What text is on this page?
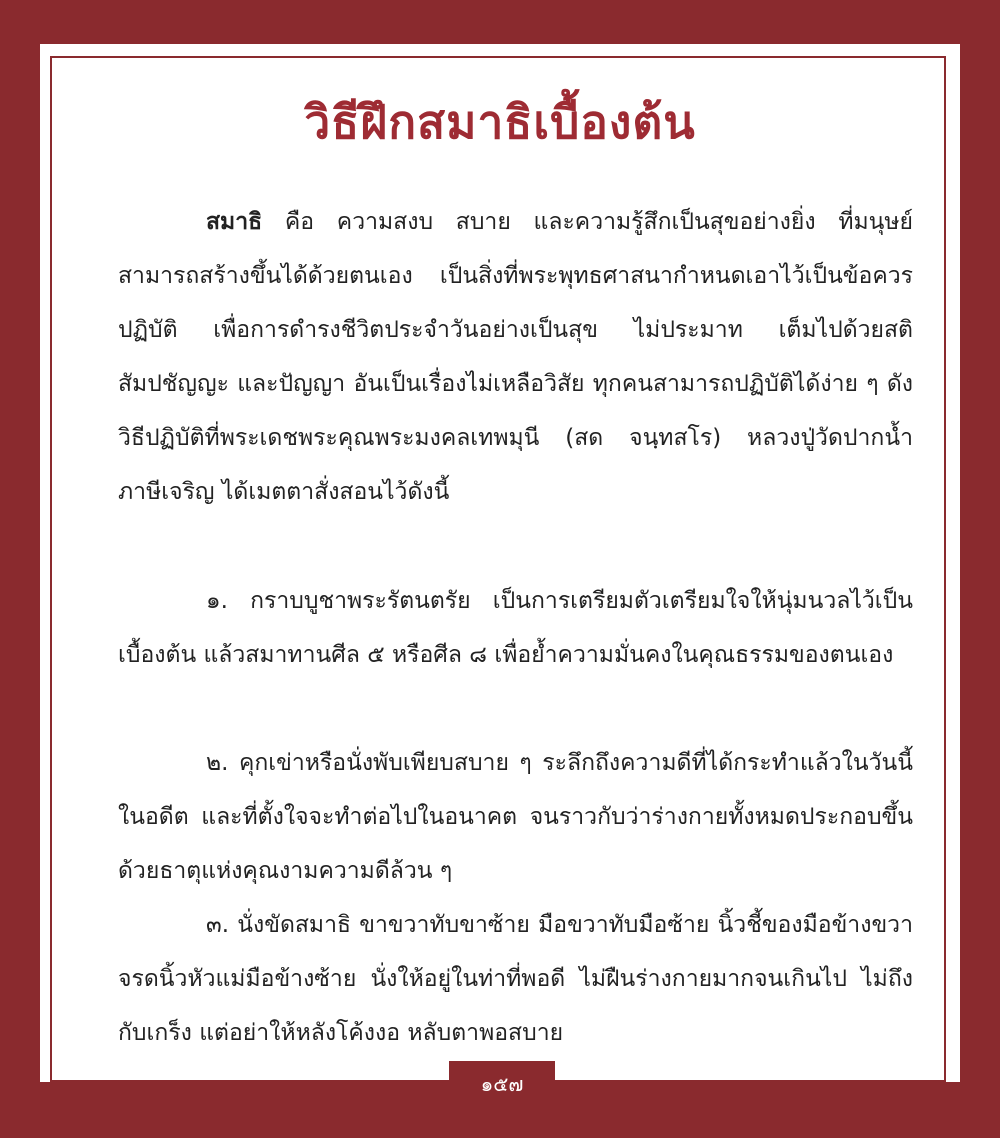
วิธีฝึกสมาธิเบื้องต้น

สมาธิ คือ ความสงบ สบาย และความรู้สึกเป็นสุขอย่างยิ่ง ที่มนุษย์สามารถสร้างขึ้นได้ด้วยตนเอง เป็นสิ่งที่พระพุทธศาสนากำหนดเอาไว้เป็นข้อควรปฏิบัติ เพื่อการดำรงชีวิตประจำวันอย่างเป็นสุข ไม่ประมาท เต็มไปด้วยสติ สัมปชัญญะ และปัญญา อันเป็นเรื่องไม่เหลือวิสัย ทุกคนสามารถปฏิบัติได้ง่าย ๆ ดังวิธีปฏิบัติที่พระเดชพระคุณพระมงคลเทพมุนี (สด จนฺทสโร) หลวงปู่วัดปากน้ำ ภาษีเจริญ ได้เมตตาสั่งสอนไว้ดังนี้

๑. กราบบูชาพระรัตนตรัย เป็นการเตรียมตัวเตรียมใจให้นุ่มนวลไว้เป็นเบื้องต้น แล้วสมาทานศีล ๕ หรือศีล ๘ เพื่อย้ำความมั่นคงในคุณธรรมของตนเอง

๒. คุกเข่าหรือนั่งพับเพียบสบาย ๆ ระลึกถึงความดีที่ได้กระทำแล้วในวันนี้ ในอดีต และที่ตั้งใจจะทำต่อไปในอนาคต จนราวกับว่าร่างกายทั้งหมดประกอบขึ้นด้วยธาตุแห่งคุณงามความดีล้วน ๆ

๓. นั่งขัดสมาธิ ขาขวาทับขาซ้าย มือขวาทับมือซ้าย นิ้วชี้ของมือข้างขวาจรดนิ้วหัวแม่มือข้างซ้าย นั่งให้อยู่ในท่าที่พอดี ไม่ฝืนร่างกายมากจนเกินไป ไม่ถึงกับเกร็ง แต่อย่าให้หลังโค้งงอ หลับตาพอสบาย

๑๕๗
